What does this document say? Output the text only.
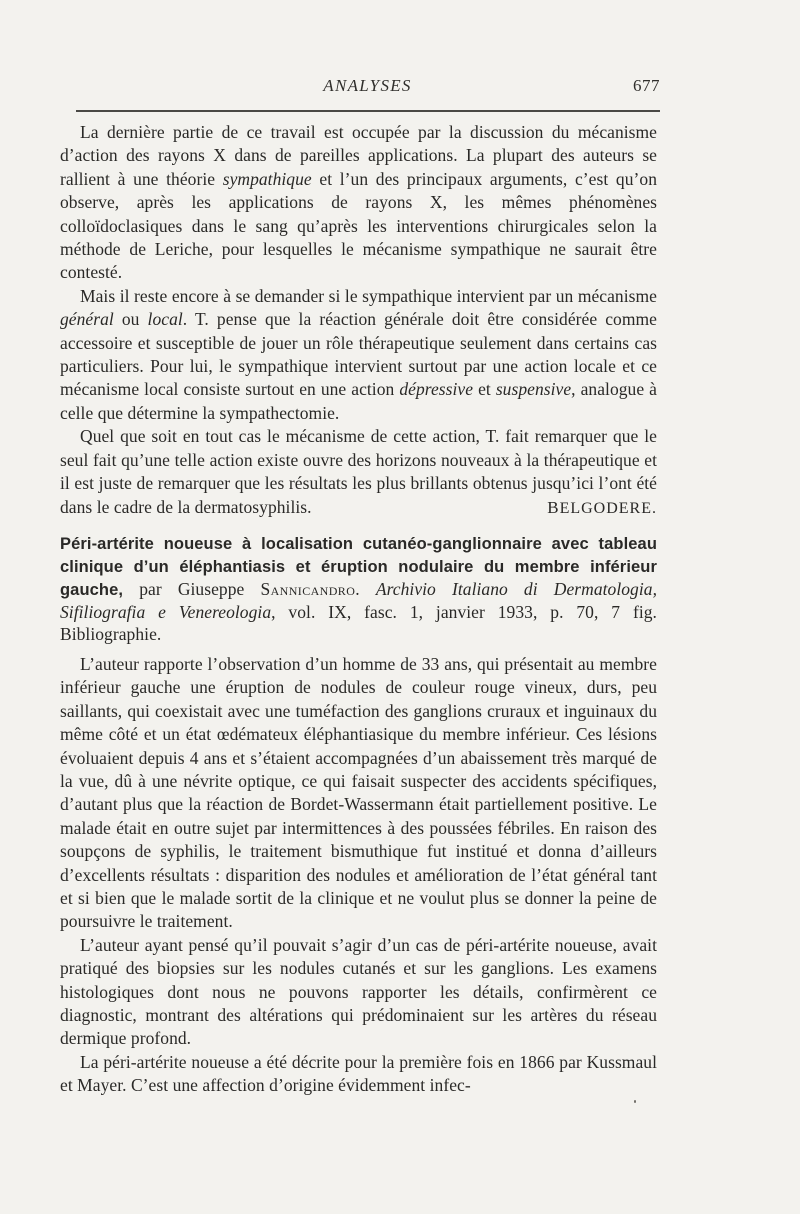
ANALYSES	677

La dernière partie de ce travail est occupée par la discussion du mécanisme d’action des rayons X dans de pareilles applications. La plupart des auteurs se rallient à une théorie sympathique et l’un des principaux arguments, c’est qu’on observe, après les applications de rayons X, les mêmes phénomènes colloïdoclasiques dans le sang qu’après les interventions chirurgicales selon la méthode de Leriche, pour lesquelles le mécanisme sympathique ne saurait être contesté.

Mais il reste encore à se demander si le sympathique intervient par un mécanisme général ou local. T. pense que la réaction générale doit être considérée comme accessoire et susceptible de jouer un rôle thérapeutique seulement dans certains cas particuliers. Pour lui, le sympathique intervient surtout par une action locale et ce mécanisme local consiste surtout en une action dépressive et suspensive, analogue à celle que détermine la sympathectomie.

Quel que soit en tout cas le mécanisme de cette action, T. fait remarquer que le seul fait qu’une telle action existe ouvre des horizons nouveaux à la thérapeutique et il est juste de remarquer que les résultats les plus brillants obtenus jusqu’ici l’ont été dans le cadre de la dermatosyphilis.	BELGODERE.
Péri-artérite noueuse à localisation cutanéo-ganglionnaire avec tableau clinique d’un éléphantiasis et éruption nodulaire du membre inférieur gauche, par Giuseppe Sannicandro. Archivio Italiano di Dermatologia, Sifiliografia e Venereologia, vol. IX, fasc. 1, janvier 1933, p. 70, 7 fig. Bibliographie.

L’auteur rapporte l’observation d’un homme de 33 ans, qui présentait au membre inférieur gauche une éruption de nodules de couleur rouge vineux, durs, peu saillants, qui coexistait avec une tuméfaction des ganglions cruraux et inguinaux du même côté et un état œdémateux éléphantiasique du membre inférieur. Ces lésions évoluaient depuis 4 ans et s’étaient accompagnées d’un abaissement très marqué de la vue, dû à une névrite optique, ce qui faisait suspecter des accidents spécifiques, d’autant plus que la réaction de Bordet-Wassermann était partiellement positive. Le malade était en outre sujet par intermittences à des poussées fébriles. En raison des soupçons de syphilis, le traitement bismuthique fut institué et donna d’ailleurs d’excellents résultats : disparition des nodules et amélioration de l’état général tant et si bien que le malade sortit de la clinique et ne voulut plus se donner la peine de poursuivre le traitement.

L’auteur ayant pensé qu’il pouvait s’agir d’un cas de péri-artérite noueuse, avait pratiqué des biopsies sur les nodules cutanés et sur les ganglions. Les examens histologiques dont nous ne pouvons rapporter les détails, confirmèrent ce diagnostic, montrant des altérations qui prédominaient sur les artères du réseau dermique profond.

La péri-artérite noueuse a été décrite pour la première fois en 1866 par Kussmaul et Mayer. C’est une affection d’origine évidemment infec-
